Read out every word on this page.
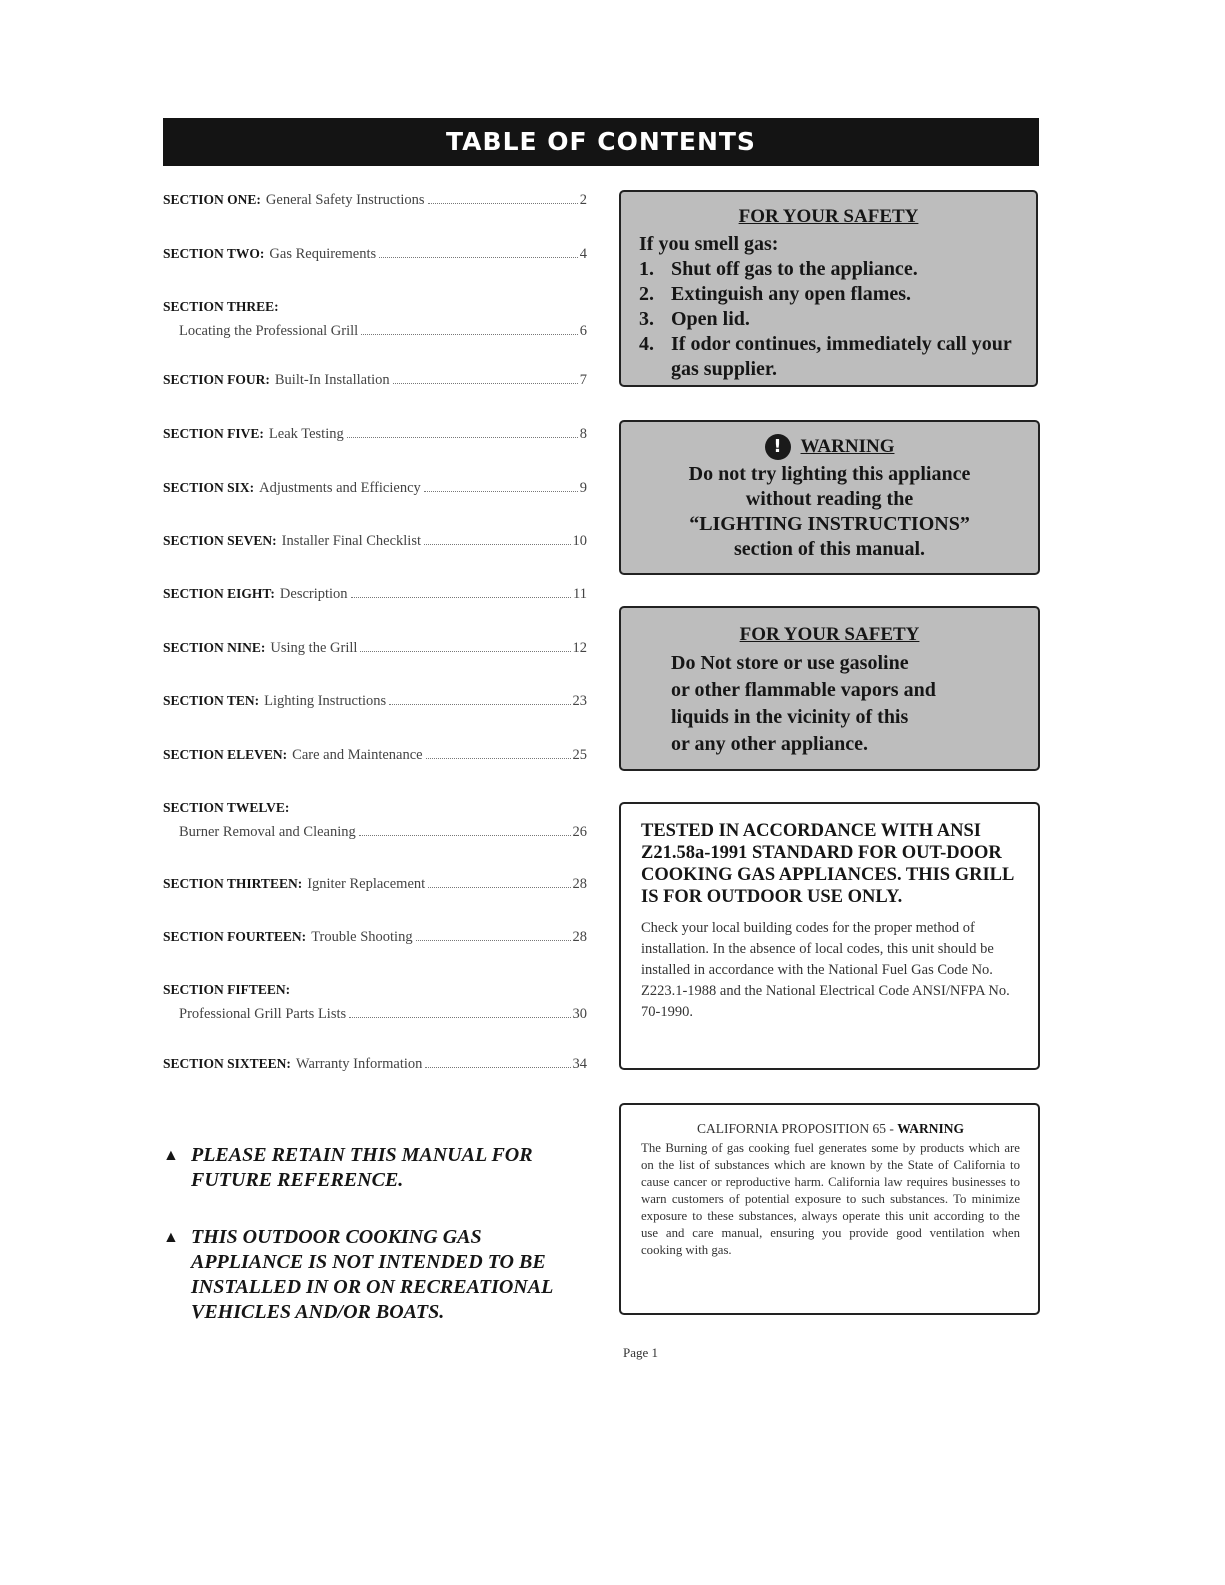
TABLE OF CONTENTS
SECTION ONE: General Safety Instructions	2
SECTION TWO: Gas Requirements	4
SECTION THREE:
Locating the Professional Grill	6
SECTION FOUR: Built-In Installation	7
SECTION FIVE: Leak Testing	8
SECTION SIX: Adjustments and Efficiency	9
SECTION SEVEN: Installer Final Checklist	10
SECTION EIGHT: Description	11
SECTION NINE: Using the Grill	12
SECTION TEN: Lighting Instructions	23
SECTION ELEVEN: Care and Maintenance	25
SECTION TWELVE:
Burner Removal and Cleaning	26
SECTION THIRTEEN: Igniter Replacement	28
SECTION FOURTEEN: Trouble Shooting	28
SECTION FIFTEEN:
Professional Grill Parts Lists	30
SECTION SIXTEEN: Warranty Information	34
FOR YOUR SAFETY
If you smell gas:
1. Shut off gas to the appliance.
2. Extinguish any open flames.
3. Open lid.
4. If odor continues, immediately call your gas supplier.
! WARNING
Do not try lighting this appliance
without reading the
“LIGHTING INSTRUCTIONS”
section of this manual.
FOR YOUR SAFETY
Do Not store or use gasoline
or other flammable vapors and
liquids in the vicinity of this
or any other appliance.
TESTED IN ACCORDANCE WITH ANSI Z21.58a-1991 STANDARD FOR OUT-DOOR COOKING GAS APPLIANCES. THIS GRILL IS FOR OUTDOOR USE ONLY.
Check your local building codes for the proper method of installation. In the absence of local codes, this unit should be installed in accordance with the National Fuel Gas Code No. Z223.1-1988 and the National Electrical Code ANSI/NFPA No. 70-1990.
CALIFORNIA PROPOSITION 65 - WARNING
The Burning of gas cooking fuel generates some by products which are on the list of substances which are known by the State of California to cause cancer or reproductive harm. California law requires businesses to warn customers of potential exposure to such substances. To minimize exposure to these substances, always operate this unit according to the use and care manual, ensuring you provide good ventilation when cooking with gas.
▲ PLEASE RETAIN THIS MANUAL FOR FUTURE REFERENCE.
▲ THIS OUTDOOR COOKING GAS APPLIANCE IS NOT INTENDED TO BE INSTALLED IN OR ON RECREATIONAL VEHICLES AND/OR BOATS.
Page 1
